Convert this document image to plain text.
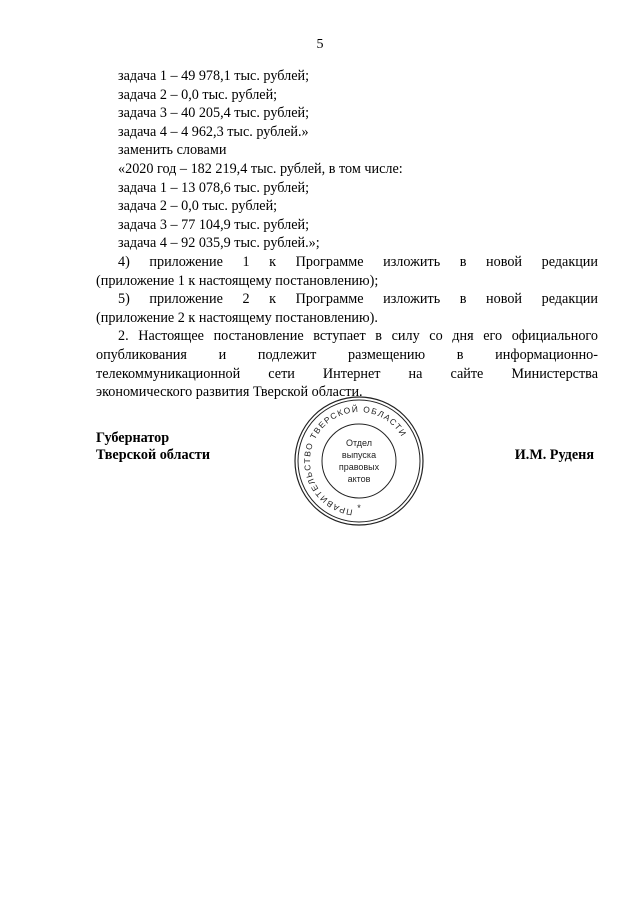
5
задача 1 – 49 978,1 тыс. рублей;
задача 2 – 0,0 тыс. рублей;
задача 3 – 40 205,4 тыс. рублей;
задача 4 – 4 962,3 тыс. рублей.»
заменить словами
«2020 год – 182 219,4 тыс. рублей, в том числе:
задача 1 – 13 078,6 тыс. рублей;
задача 2 – 0,0 тыс. рублей;
задача 3 – 77 104,9 тыс. рублей;
задача 4 – 92 035,9 тыс. рублей.»;
4) приложение 1 к Программе изложить в новой редакции
(приложение 1 к настоящему постановлению);
5) приложение 2 к Программе изложить в новой редакции
(приложение 2 к настоящему постановлению).
2. Настоящее постановление вступает в силу со дня его официального
опубликования и подлежит размещению в информационно-
телекоммуникационной сети Интернет на сайте Министерства
экономического развития Тверской области.
Губернатор
Тверской области	И.М. Руденя
ПРАВИТЕЛЬСТВО ТВЕРСКОЙ ОБЛАСТИ
*
Отдел
выпуска
правовых
актов
